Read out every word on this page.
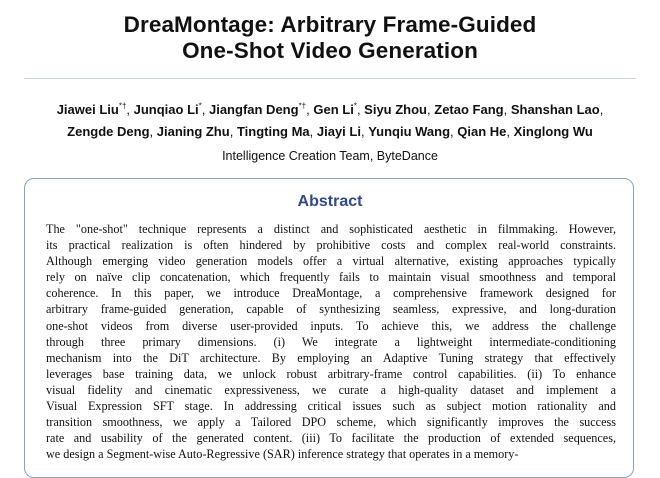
DreaMontage: Arbitrary Frame-Guided
One-Shot Video Generation
Jiawei Liu*†, Junqiao Li*, Jiangfan Deng*†, Gen Li*, Siyu Zhou, Zetao Fang, Shanshan Lao,
Zengde Deng, Jianing Zhu, Tingting Ma, Jiayi Li, Yunqiu Wang, Qian He, Xinglong Wu
Intelligence Creation Team, ByteDance
Abstract
The "one-shot" technique represents a distinct and sophisticated aesthetic in filmmaking. However,
its practical realization is often hindered by prohibitive costs and complex real-world constraints.
Although emerging video generation models offer a virtual alternative, existing approaches typically
rely on naïve clip concatenation, which frequently fails to maintain visual smoothness and temporal
coherence. In this paper, we introduce DreaMontage, a comprehensive framework designed for
arbitrary frame-guided generation, capable of synthesizing seamless, expressive, and long-duration
one-shot videos from diverse user-provided inputs. To achieve this, we address the challenge
through three primary dimensions. (i) We integrate a lightweight intermediate-conditioning
mechanism into the DiT architecture. By employing an Adaptive Tuning strategy that effectively
leverages base training data, we unlock robust arbitrary-frame control capabilities. (ii) To enhance
visual fidelity and cinematic expressiveness, we curate a high-quality dataset and implement a
Visual Expression SFT stage. In addressing critical issues such as subject motion rationality and
transition smoothness, we apply a Tailored DPO scheme, which significantly improves the success
rate and usability of the generated content. (iii) To facilitate the production of extended sequences,
we design a Segment-wise Auto-Regressive (SAR) inference strategy that operates in a memory-
